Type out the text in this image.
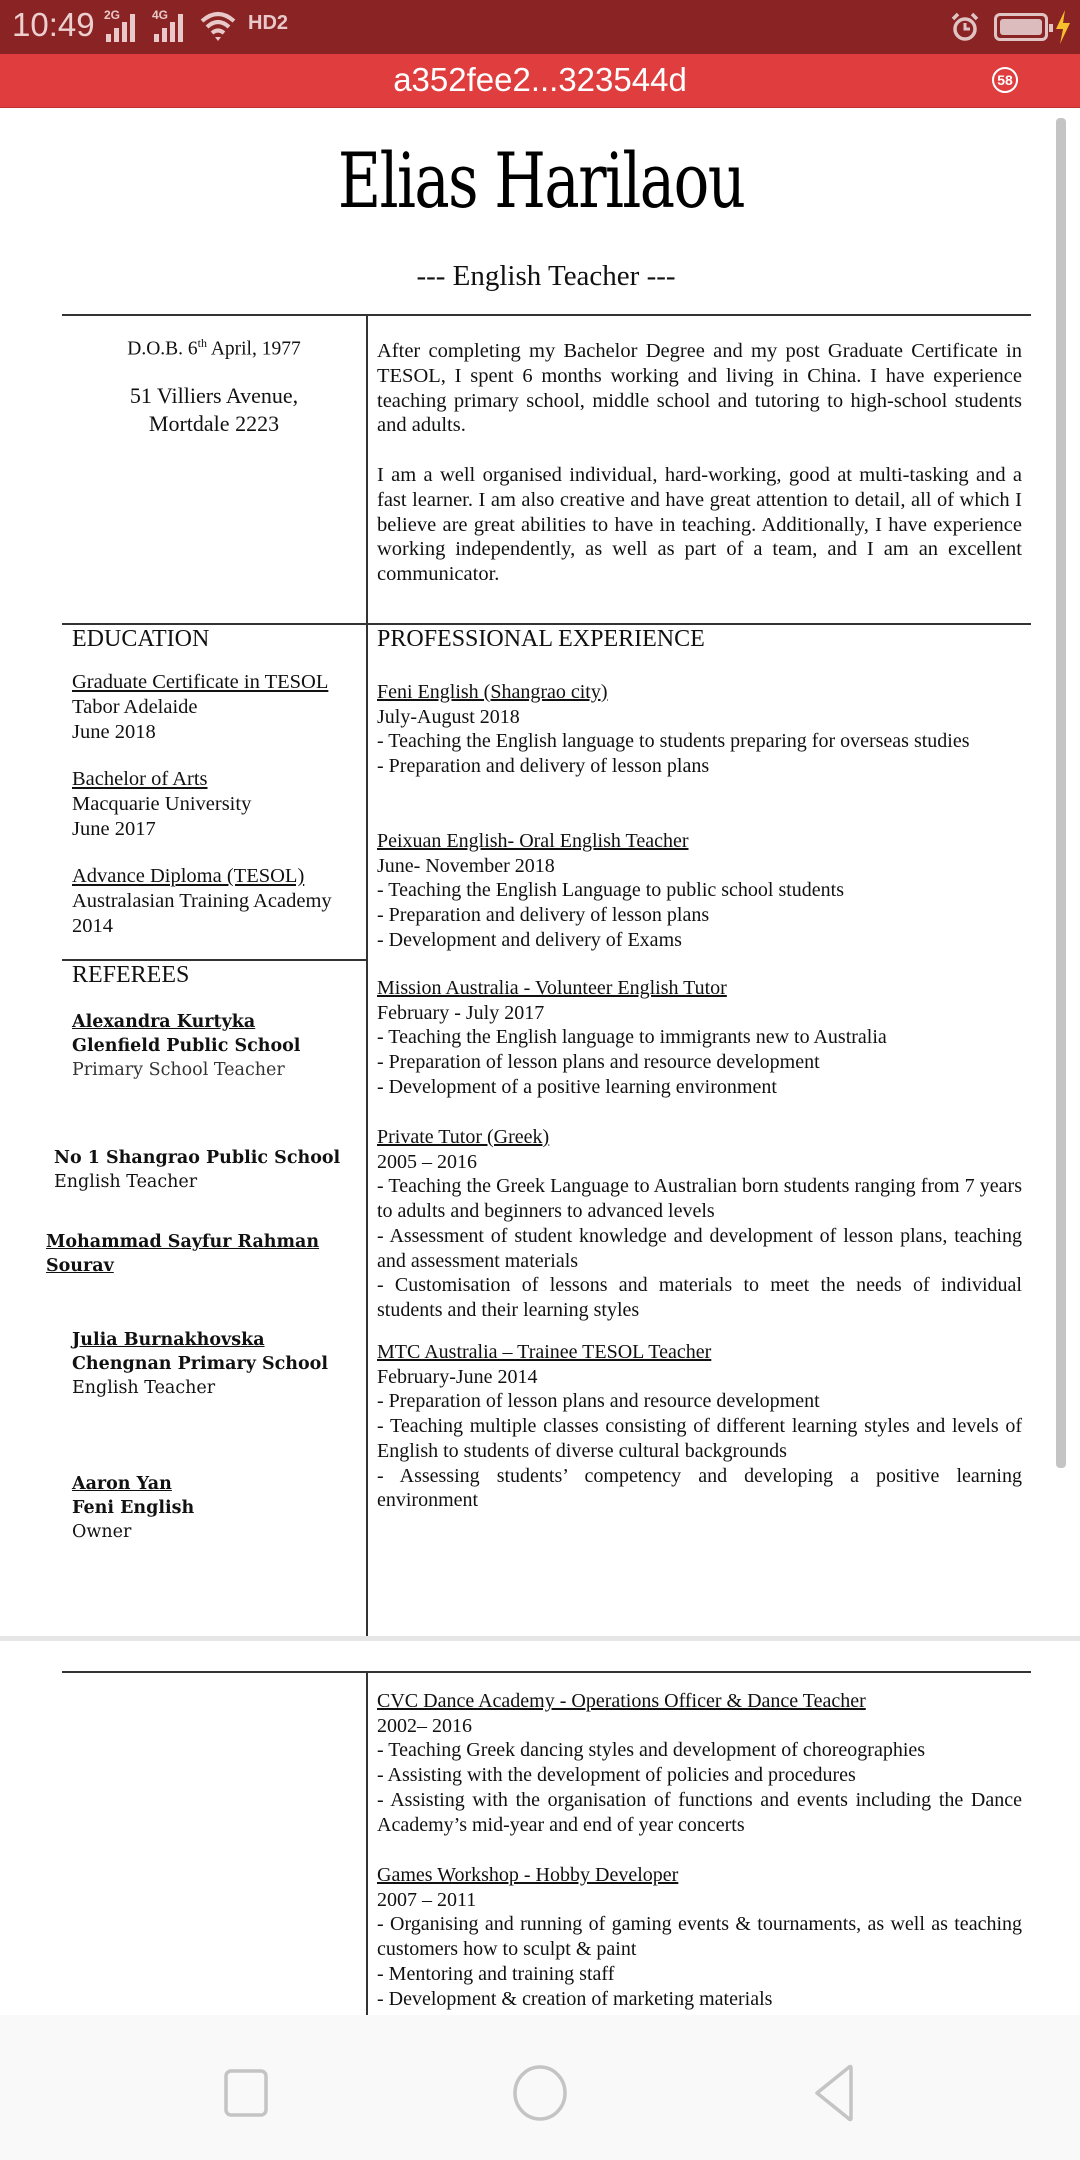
10:49 2G	4G	HD2
a352fee2...323544d	58
Elias Harilaou
--- English Teacher ---
D.O.B. 6th April, 1977
51 Villiers Avenue,
Mortdale 2223

After completing my Bachelor Degree and my post Graduate Certificate in TESOL, I spent 6 months working and living in China. I have experience teaching primary school, middle school and tutoring to high-school students and adults.

I am a well organised individual, hard-working, good at multi-tasking and a fast learner. I am also creative and have great attention to detail, all of which I believe are great abilities to have in teaching. Additionally, I have experience working independently, as well as part of a team, and I am an excellent communicator.

EDUCATION
Graduate Certificate in TESOL
Tabor Adelaide
June 2018
Bachelor of Arts
Macquarie University
June 2017
Advance Diploma (TESOL)
Australasian Training Academy
2014
REFEREES
Alexandra Kurtyka
Glenfield Public School
Primary School Teacher
No 1 Shangrao Public School
English Teacher
Mohammad Sayfur Rahman Sourav
Julia Burnakhovska
Chengnan Primary School
English Teacher
Aaron Yan
Feni English
Owner
PROFESSIONAL EXPERIENCE
Feni English (Shangrao city)
July-August 2018
- Teaching the English language to students preparing for overseas studies
- Preparation and delivery of lesson plans
Peixuan English- Oral English Teacher
June- November 2018
- Teaching the English Language to public school students
- Preparation and delivery of lesson plans
- Development and delivery of Exams
Mission Australia - Volunteer English Tutor
February - July 2017
- Teaching the English language to immigrants new to Australia
- Preparation of lesson plans and resource development
- Development of a positive learning environment
Private Tutor (Greek)
2005 – 2016
- Teaching the Greek Language to Australian born students ranging from 7 years to adults and beginners to advanced levels
- Assessment of student knowledge and development of lesson plans, teaching and assessment materials
- Customisation of lessons and materials to meet the needs of individual students and their learning styles
MTC Australia – Trainee TESOL Teacher
February-June 2014
- Preparation of lesson plans and resource development
- Teaching multiple classes consisting of different learning styles and levels of English to students of diverse cultural backgrounds
- Assessing students’ competency and developing a positive learning environment
CVC Dance Academy - Operations Officer & Dance Teacher
2002– 2016
- Teaching Greek dancing styles and development of choreographies
- Assisting with the development of policies and procedures
- Assisting with the organisation of functions and events including the Dance Academy’s mid-year and end of year concerts
Games Workshop - Hobby Developer
2007 – 2011
- Organising and running of gaming events & tournaments, as well as teaching customers how to sculpt & paint
- Mentoring and training staff
- Development & creation of marketing materials
